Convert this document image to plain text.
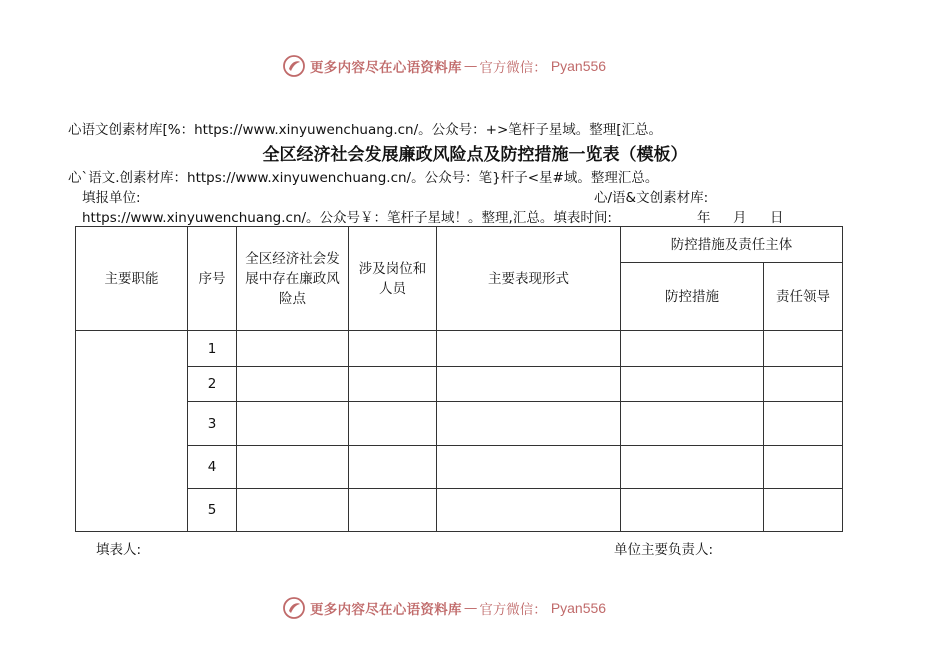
更多内容尽在心语资料库 — 官方微信： Pyan556
心语文创素材库[%：https://www.xinyuwenchuang.cn/。公众号：+>笔杆子星域。整理[汇总。
全区经济社会发展廉政风险点及防控措施一览表（模板）
心`语文.创素材库：https://www.xinyuwenchuang.cn/。公众号：笔}杆子<星#域。整理汇总。
填报单位:	心/语&文创素材库:
https://www.xinyuwenchuang.cn/。公众号￥：笔杆子星域！。整理,汇总。填表时间:	年 月 日
主要职能	序号	全区经济社会发展中存在廉政风险点	涉及岗位和人员	主要表现形式	防控措施及责任主体	
					防控措施	责任领导
	1					
	2					
	3					
	4					
	5					
填表人:	单位主要负责人:
更多内容尽在心语资料库 — 官方微信： Pyan556
